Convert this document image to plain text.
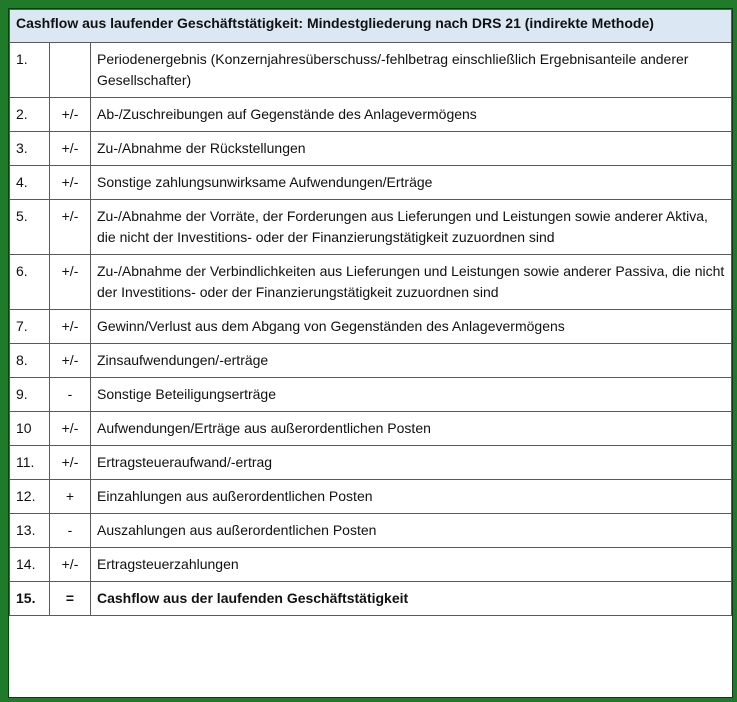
Cashflow aus laufender Geschäftstätigkeit: Mindestgliederung nach DRS 21 (indirekte Methode)		
1.		Periodenergebnis (Konzernjahresüberschuss/-fehlbetrag einschließlich Ergebnisanteile anderer Gesellschafter)
2.	+/-	Ab-/Zuschreibungen auf Gegenstände des Anlagevermögens
3.	+/-	Zu-/Abnahme der Rückstellungen
4.	+/-	Sonstige zahlungsunwirksame Aufwendungen/Erträge
5.	+/-	Zu-/Abnahme der Vorräte, der Forderungen aus Lieferungen und Leistungen sowie anderer Aktiva, die nicht der Investitions- oder der Finanzierungstätigkeit zuzuordnen sind
6.	+/-	Zu-/Abnahme der Verbindlichkeiten aus Lieferungen und Leistungen sowie anderer Passiva, die nicht der Investitions- oder der Finanzierungstätigkeit zuzuordnen sind
7.	+/-	Gewinn/Verlust aus dem Abgang von Gegenständen des Anlagevermögens
8.	+/-	Zinsaufwendungen/-erträge
9.	-	Sonstige Beteiligungserträge
10	+/-	Aufwendungen/Erträge aus außerordentlichen Posten
11.	+/-	Ertragsteueraufwand/-ertrag
12.	+	Einzahlungen aus außerordentlichen Posten
13.	-	Auszahlungen aus außerordentlichen Posten
14.	+/-	Ertragsteuerzahlungen
15.	=	Cashflow aus der laufenden Geschäftstätigkeit
